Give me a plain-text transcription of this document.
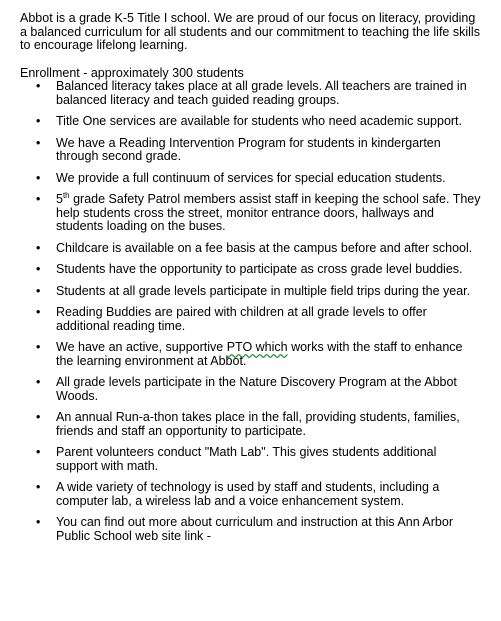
Abbot is a grade K-5 Title I school. We are proud of our focus on literacy, providing a balanced curriculum for all students and our commitment to teaching the life skills to encourage lifelong learning.

Enrollment - approximately 300 students

• Balanced literacy takes place at all grade levels. All teachers are trained in balanced literacy and teach guided reading groups.
• Title One services are available for students who need academic support.
• We have a Reading Intervention Program for students in kindergarten through second grade.
• We provide a full continuum of services for special education students.
• 5th grade Safety Patrol members assist staff in keeping the school safe. They help students cross the street, monitor entrance doors, hallways and students loading on the buses.
• Childcare is available on a fee basis at the campus before and after school.
• Students have the opportunity to participate as cross grade level buddies.
• Students at all grade levels participate in multiple field trips during the year.
• Reading Buddies are paired with children at all grade levels to offer additional reading time.
• We have an active, supportive PTO which works with the staff to enhance the learning environment at Abbot.
• All grade levels participate in the Nature Discovery Program at the Abbot Woods.
• An annual Run-a-thon takes place in the fall, providing students, families, friends and staff an opportunity to participate.
• Parent volunteers conduct "Math Lab". This gives students additional support with math.
• A wide variety of technology is used by staff and students, including a computer lab, a wireless lab and a voice enhancement system.
• You can find out more about curriculum and instruction at this Ann Arbor Public School web site link -
